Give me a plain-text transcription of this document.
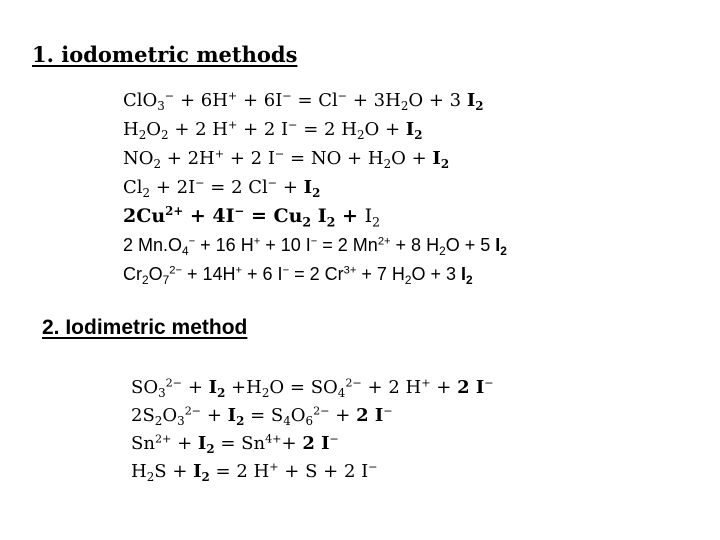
1. iodometric methods
$ClO_3^- + 6H^+ + 6I^- = Cl^- + 3H_2O + 3$ $I_2$
$H_2O_2 + 2$ H+ + 2 I− = 2 $H_2O + I_2$
$NO_2 + 2H^+ + 2$ I− = NO + $H_2O + I_2$
$Cl_2 + 2I^- = 2$ $Cl^- + I_2$
$2Cu^{2+} + 4I^- = Cu_2$ $I_2 + I_2$
2 $Mn.O_4^- + 16$ H+ + 10 I− = 2 $Mn^{2+} + 8$ $H_2O + 5$ $I_2$
$Cr_2O_7^{2-} + 14H^+ + 6$ I− = 2 $Cr^{3+} + 7$ $H_2O + 3$ $I_2$
2. Iodimetric method
$SO_3^{2-} + I_2 +H_2O = SO_4^{2-} + 2$ H+ + 2 I−
$2S_2O_3^{2-} + I_2 = S_4O_6^{2-} + 2$ I−
$Sn^{2+} + I_2 = Sn^{4+}+ 2$ I−
$H_2S + I_2 = 2$ H+ + S + 2 I−
